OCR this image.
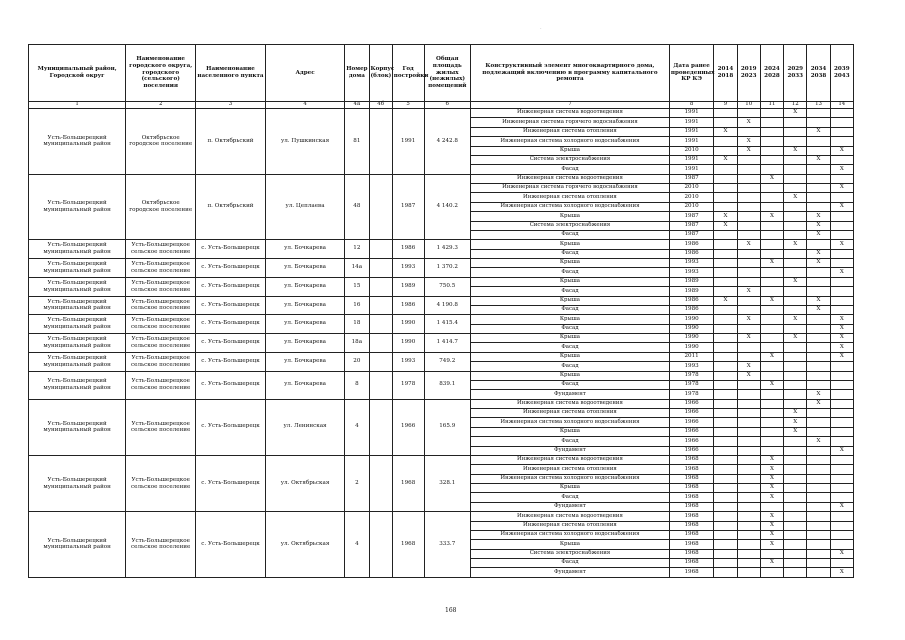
-
Муниципальный район, Городской округ	Наименование городского округа, городского (сельского) поселения	Наименование населенного пункта	Адрес	Номер дома	Корпус (блок)	Год постройки	Общая площадь жилых (нежилых) помещений	Конструктивный элемент многоквартирного дома, подлежащий включению в программу капитального ремонта	Дата ранее проведенных КР КЭ	2014 2018	2019 2023	2024 2028	2029 2033	2034 2038	2039 2043
1	2	3	4	4а	4б	5	6	7	8	9	10	11	12	13	14
Усть-Большерецкий муниципальный район	Октябрьское городское поселение	п. Октябрьский	ул. Пушкинская	81		1991	4 242.8	Инженерная система водоотведения	1991				X		
								Инженерная система горячего водоснабжения	1991		X				
								Инженерная система отопления	1991	X				X	
								Инженерная система холодного водоснабжения	1991		X				
								Крыша	2010		X		X		X
								Система электроснабжения	1991	X				X	
								Фасад	1991						X
Усть-Большерецкий муниципальный район	Октябрьское городское поселение	п. Октябрьский	ул. Цеплаева	48		1987	4 140.2	Инженерная система водоотведения	1987			X			
								Инженерная система горячего водоснабжения	2010						X
								Инженерная система отопления	2010				X		
								Инженерная система холодного водоснабжения	2010						X
								Крыша	1987	X		X		X	
								Система электроснабжения	1987	X				X	
								Фасад	1987					X	
Усть-Большерецкий муниципальный район	Усть-Большерецкое сельское поселение	с. Усть-Большерецк	ул. Бочкарева	12		1986	1 429.3	Крыша	1986		X		X		X
								Фасад	1986					X	
Усть-Большерецкий муниципальный район	Усть-Большерецкое сельское поселение	с. Усть-Большерецк	ул. Бочкарева	14а		1993	1 370.2	Крыша	1993			X		X	
								Фасад	1993						X
Усть-Большерецкий муниципальный район	Усть-Большерецкое сельское поселение	с. Усть-Большерецк	ул. Бочкарева	15		1989	750.5	Крыша	1989				X		
								Фасад	1989		X				
Усть-Большерецкий муниципальный район	Усть-Большерецкое сельское поселение	с. Усть-Большерецк	ул. Бочкарева	16		1986	4 190.8	Крыша	1986	X		X		X	
								Фасад	1986					X	
Усть-Большерецкий муниципальный район	Усть-Большерецкое сельское поселение	с. Усть-Большерецк	ул. Бочкарева	18		1990	1 415.4	Крыша	1990		X		X		X
								Фасад	1990						X
Усть-Большерецкий муниципальный район	Усть-Большерецкое сельское поселение	с. Усть-Большерецк	ул. Бочкарева	18а		1990	1 414.7	Крыша	1990		X		X		X
								Фасад	1990						X
Усть-Большерецкий муниципальный район	Усть-Большерецкое сельское поселение	с. Усть-Большерецк	ул. Бочкарева	20		1993	749.2	Крыша	2011			X			X
								Фасад	1993		X				
Усть-Большерецкий муниципальный район	Усть-Большерецкое сельское поселение	с. Усть-Большерецк	ул. Бочкарева	8		1978	839.1	Крыша	1978		X				
								Фасад	1978			X			
								Фундамент	1978					X	
Усть-Большерецкий муниципальный район	Усть-Большерецкое сельское поселение	с. Усть-Большерецк	ул. Ленинская	4		1966	165.9	Инженерная система водоотведения	1966					X	
								Инженерная система отопления	1966				X		
								Инженерная система холодного водоснабжения	1966				X		
								Крыша	1966				X		
								Фасад	1966					X	
								Фундамент	1966						X
Усть-Большерецкий муниципальный район	Усть-Большерецкое сельское поселение	с. Усть-Большерецк	ул. Октябрьская	2		1968	328.1	Инженерная система водоотведения	1968			X			
								Инженерная система отопления	1968			X			
								Инженерная система холодного водоснабжения	1968			X			
								Крыша	1968			X			
								Фасад	1968			X			
								Фундамент	1968						X
Усть-Большерецкий муниципальный район	Усть-Большерецкое сельское поселение	с. Усть-Большерецк	ул. Октябрьская	4		1968	333.7	Инженерная система водоотведения	1968			X			
								Инженерная система отопления	1968			X			
								Инженерная система холодного водоснабжения	1968			X			
								Крыша	1968			X			
								Система электроснабжения	1968						X
								Фасад	1968			X			
								Фундамент	1968						X
168
